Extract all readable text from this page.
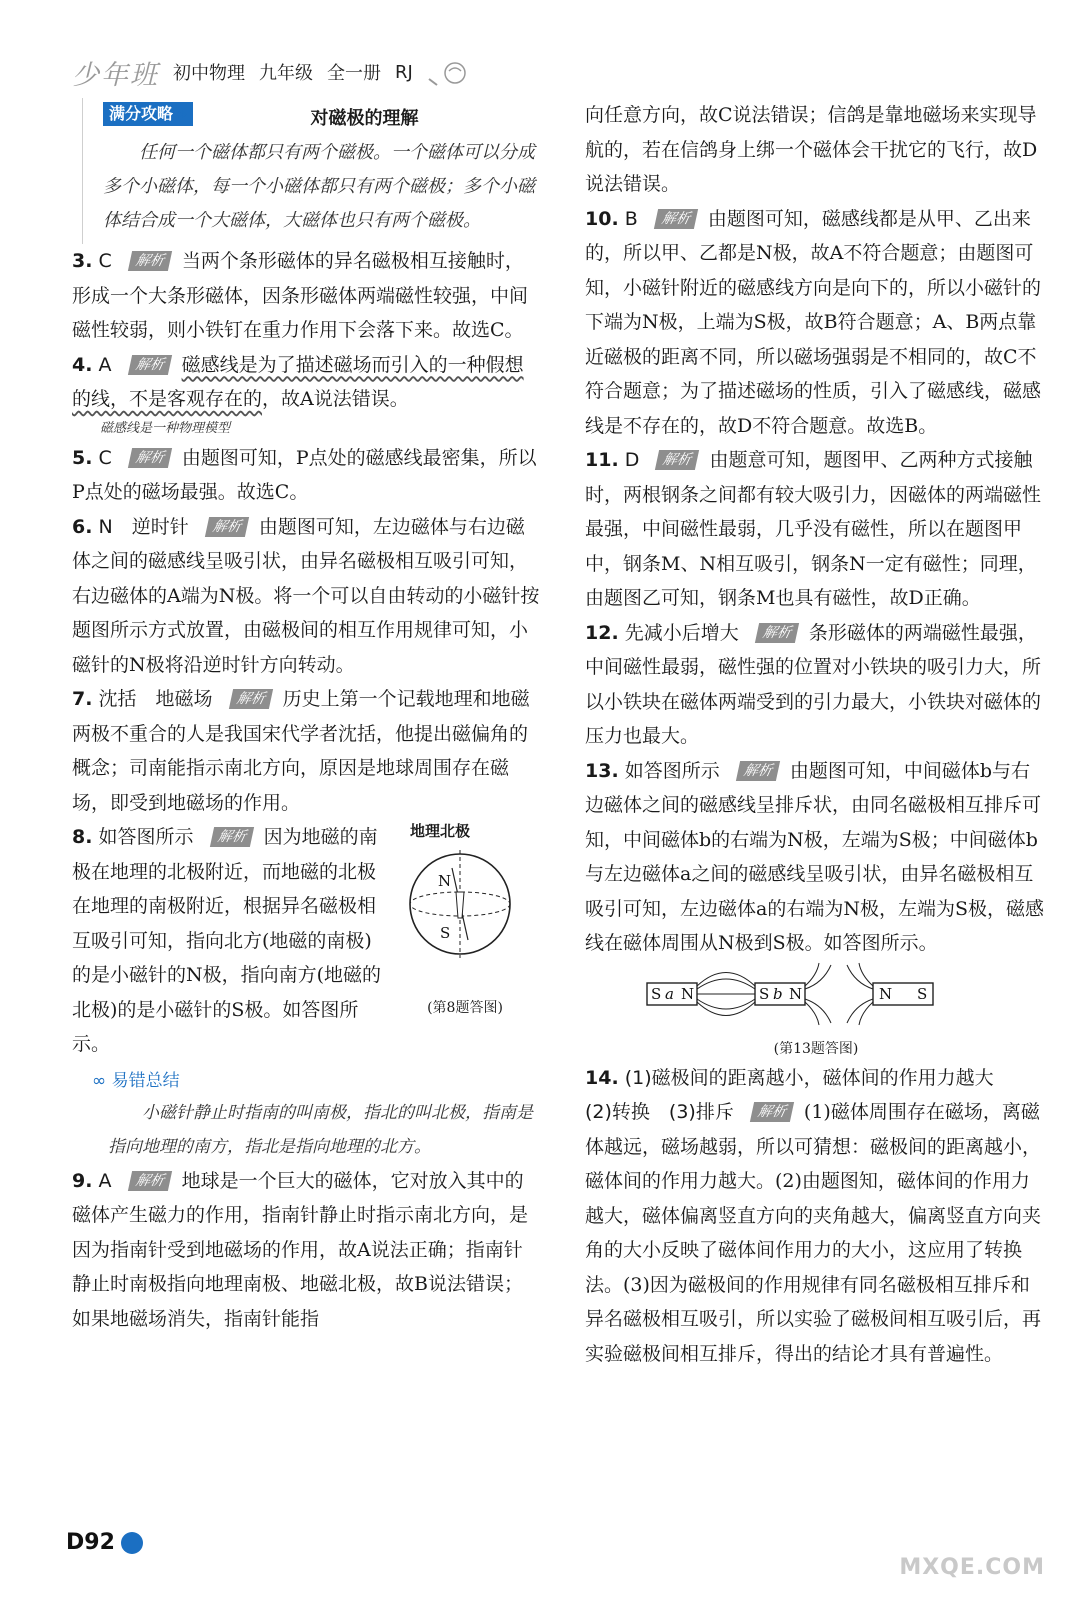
少年班 初中物理 九年级 全一册 RJ
满分攻略 »	对磁极的理解
任何一个磁体都只有两个磁极。一个磁体可以分成多个小磁体，每一个小磁体都只有两个磁极；多个小磁体结合成一个大磁体，大磁体也只有两个磁极。
3. C 解析 当两个条形磁体的异名磁极相互接触时，形成一个大条形磁体，因条形磁体两端磁性较强，中间磁性较弱，则小铁钉在重力作用下会落下来。故选C。
4. A 解析 磁感线是为了描述磁场而引入的一种假想的线，不是客观存在的，故A说法错误。
磁感线是一种物理模型
5. C 解析 由题图可知，P点处的磁感线最密集，所以P点处的磁场最强。故选C。
6. N　逆时针 解析 由题图可知，左边磁体与右边磁体之间的磁感线呈吸引状，由异名磁极相互吸引可知，右边磁体的A端为N极。将一个可以自由转动的小磁针按题图所示方式放置，由磁极间的相互作用规律可知，小磁针的N极将沿逆时针方向转动。
7. 沈括　地磁场 解析 历史上第一个记载地理和地磁两极不重合的人是我国宋代学者沈括，他提出磁偏角的概念；司南能指示南北方向，原因是地球周围存在磁场，即受到地磁场的作用。
地理北极
N
S
(第8题答图)
8. 如答图所示 解析 因为地磁的南极在地理的北极附近，而地磁的北极在地理的南极附近，根据异名磁极相互吸引可知，指向北方(地磁的南极)的是小磁针的N极，指向南方(地磁的北极)的是小磁针的S极。如答图所示。
∞ 易错总结
小磁针静止时指南的叫南极，指北的叫北极，指南是指向地理的南方，指北是指向地理的北方。
9. A 解析 地球是一个巨大的磁体，它对放入其中的磁体产生磁力的作用，指南针静止时指示南北方向，是因为指南针受到地磁场的作用，故A说法正确；指南针静止时南极指向地理南极、地磁北极，故B说法错误；如果地磁场消失，指南针能指
向任意方向，故C说法错误；信鸽是靠地磁场来实现导航的，若在信鸽身上绑一个磁体会干扰它的飞行，故D说法错误。
10. B 解析 由题图可知，磁感线都是从甲、乙出来的，所以甲、乙都是N极，故A不符合题意；由题图可知，小磁针附近的磁感线方向是向下的，所以小磁针的下端为N极，上端为S极，故B符合题意；A、B两点靠近磁极的距离不同，所以磁场强弱是不相同的，故C不符合题意；为了描述磁场的性质，引入了磁感线，磁感线是不存在的，故D不符合题意。故选B。
11. D 解析 由题意可知，题图甲、乙两种方式接触时，两根钢条之间都有较大吸引力，因磁体的两端磁性最强，中间磁性最弱，几乎没有磁性，所以在题图甲中，钢条M、N相互吸引，钢条N一定有磁性；同理，由题图乙可知，钢条M也具有磁性，故D正确。
12. 先减小后增大 解析 条形磁体的两端磁性最强，中间磁性最弱，磁性强的位置对小铁块的吸引力大，所以小铁块在磁体两端受到的引力最大，小铁块对磁体的压力也最大。
13. 如答图所示 解析 由题图可知，中间磁体b与右边磁体之间的磁感线呈排斥状，由同名磁极相互排斥可知，中间磁体b的右端为N极，左端为S极；中间磁体b与左边磁体a之间的磁感线呈吸引状，由异名磁极相互吸引可知，左边磁体a的右端为N极，左端为S极，磁感线在磁体周围从N极到S极。如答图所示。
S a N	S b N	N S
(第13题答图)
14. (1)磁极间的距离越小，磁体间的作用力越大
(2)转换　(3)排斥 解析 (1)磁体周围存在磁场，离磁体越远，磁场越弱，所以可猜想：磁极间的距离越小，磁体间的作用力越大。(2)由题图知，磁体间的作用力越大，磁体偏离竖直方向的夹角越大，偏离竖直方向夹角的大小反映了磁体间作用力的大小，这应用了转换法。(3)因为磁极间的作用规律有同名磁极相互排斥和异名磁极相互吸引，所以实验了磁极间相互吸引后，再实验磁极间相互排斥，得出的结论才具有普遍性。
D92
MXQE.COM
